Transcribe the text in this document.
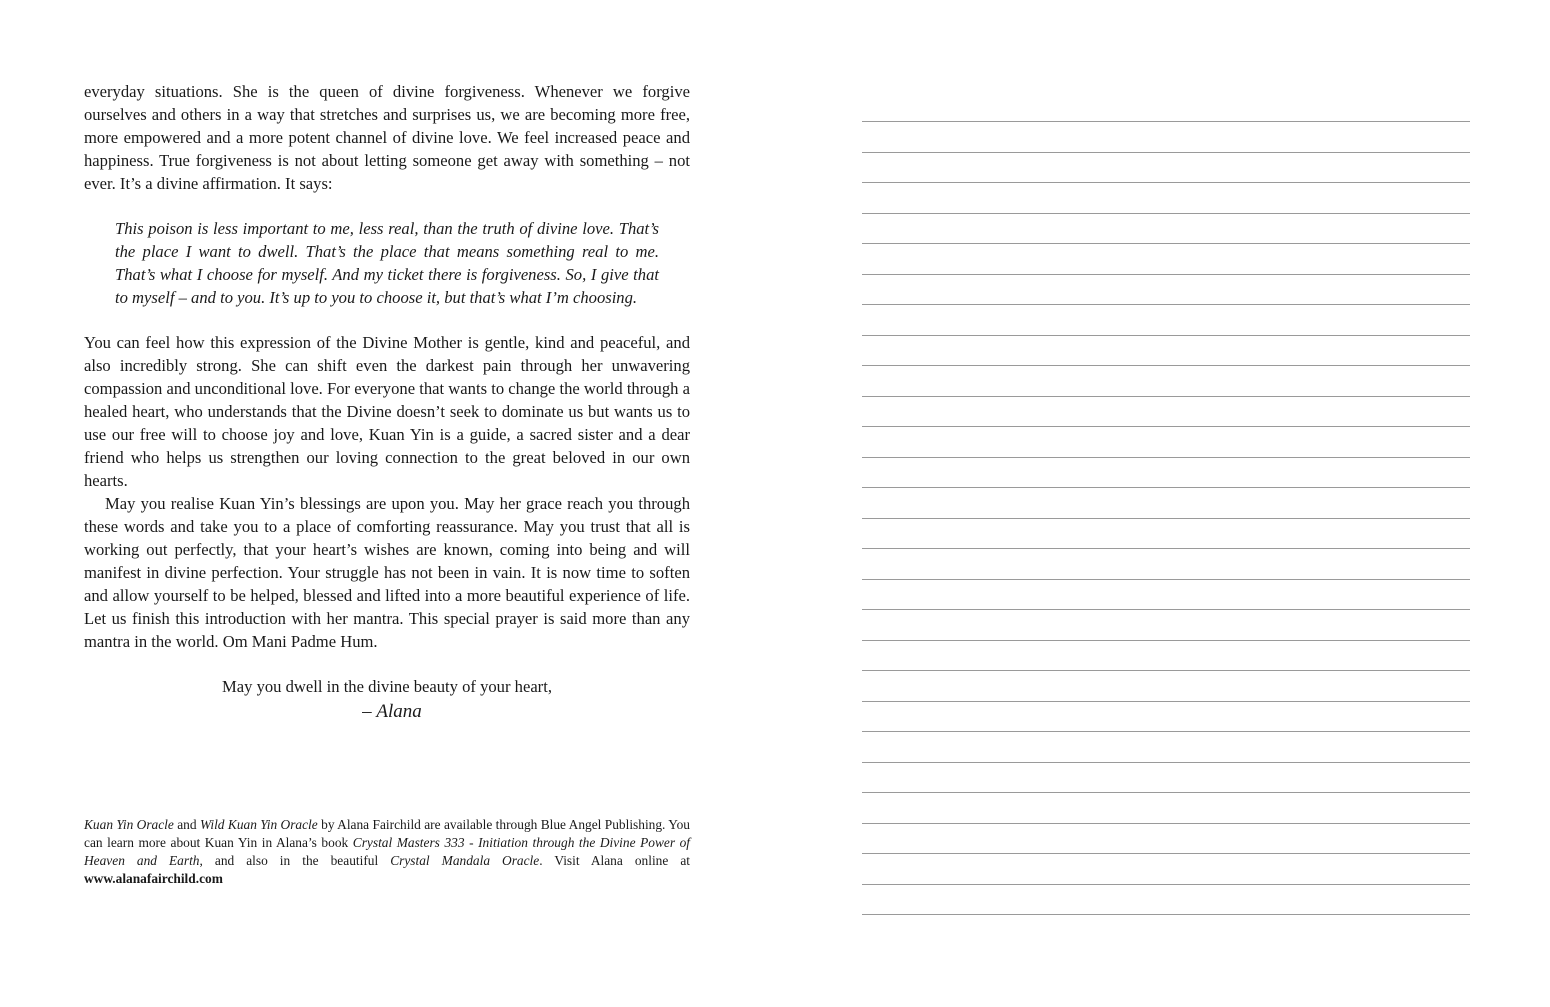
everyday situations. She is the queen of divine forgiveness. Whenever we forgive ourselves and others in a way that stretches and surprises us, we are becoming more free, more empowered and a more potent channel of divine love. We feel increased peace and happiness. True forgiveness is not about letting someone get away with something – not ever. It’s a divine affirmation. It says:

This poison is less important to me, less real, than the truth of divine love. That’s the place I want to dwell. That’s the place that means something real to me. That’s what I choose for myself. And my ticket there is forgiveness. So, I give that to myself – and to you. It’s up to you to choose it, but that’s what I’m choosing.

You can feel how this expression of the Divine Mother is gentle, kind and peaceful, and also incredibly strong. She can shift even the darkest pain through her unwavering compassion and unconditional love. For everyone that wants to change the world through a healed heart, who understands that the Divine doesn’t seek to dominate us but wants us to use our free will to choose joy and love, Kuan Yin is a guide, a sacred sister and a dear friend who helps us strengthen our loving connection to the great beloved in our own hearts.

May you realise Kuan Yin’s blessings are upon you. May her grace reach you through these words and take you to a place of comforting reassurance. May you trust that all is working out perfectly, that your heart’s wishes are known, coming into being and will manifest in divine perfection. Your struggle has not been in vain. It is now time to soften and allow yourself to be helped, blessed and lifted into a more beautiful experience of life. Let us finish this introduction with her mantra. This special prayer is said more than any mantra in the world. Om Mani Padme Hum.

May you dwell in the divine beauty of your heart,

– Alana

Kuan Yin Oracle and Wild Kuan Yin Oracle by Alana Fairchild are available through Blue Angel Publishing. You can learn more about Kuan Yin in Alana’s book Crystal Masters 333 - Initiation through the Divine Power of Heaven and Earth, and also in the beautiful Crystal Mandala Oracle. Visit Alana online at www.alanafairchild.com
